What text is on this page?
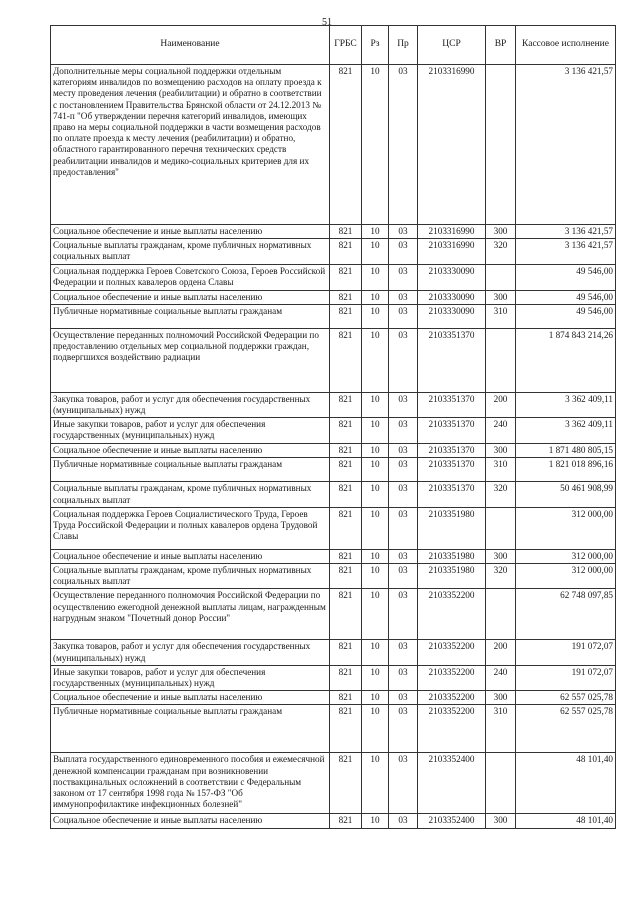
51
Наименование	ГРБС	Рз	Пр	ЦСР	ВР	Кассовое исполнение
Дополнительные меры социальной поддержки отдельным категориям инвалидов по возмещению расходов на оплату проезда к месту проведения лечения (реабилитации) и обратно в соответствии с постановлением Правительства Брянской области от 24.12.2013 № 741-п "Об утверждении перечня категорий инвалидов, имеющих право на меры социальной поддержки в части возмещения расходов по оплате проезда к месту лечения (реабилитации) и обратно, областного гарантированного перечня технических средств реабилитации инвалидов и медико-социальных критериев для их предоставления"	821	10	03	2103316990		3 136 421,57
Социальное обеспечение и иные выплаты населению	821	10	03	2103316990	300	3 136 421,57
Социальные выплаты гражданам, кроме публичных нормативных социальных выплат	821	10	03	2103316990	320	3 136 421,57
Социальная поддержка Героев Советского Союза, Героев Российской Федерации и полных кавалеров ордена Славы	821	10	03	2103330090		49 546,00
Социальное обеспечение и иные выплаты населению	821	10	03	2103330090	300	49 546,00
Публичные нормативные социальные выплаты гражданам	821	10	03	2103330090	310	49 546,00
Осуществление переданных полномочий Российской Федерации по предоставлению отдельных мер социальной поддержки граждан, подвергшихся воздействию радиации	821	10	03	2103351370		1 874 843 214,26
Закупка товаров, работ и услуг для обеспечения государственных (муниципальных) нужд	821	10	03	2103351370	200	3 362 409,11
Иные закупки товаров, работ и услуг для обеспечения государственных (муниципальных) нужд	821	10	03	2103351370	240	3 362 409,11
Социальное обеспечение и иные выплаты населению	821	10	03	2103351370	300	1 871 480 805,15
Публичные нормативные социальные выплаты гражданам	821	10	03	2103351370	310	1 821 018 896,16
Социальные выплаты гражданам, кроме публичных нормативных социальных выплат	821	10	03	2103351370	320	50 461 908,99
Социальная поддержка Героев Социалистического Труда, Героев Труда Российской Федерации и полных кавалеров ордена Трудовой Славы	821	10	03	2103351980		312 000,00
Социальное обеспечение и иные выплаты населению	821	10	03	2103351980	300	312 000,00
Социальные выплаты гражданам, кроме публичных нормативных социальных выплат	821	10	03	2103351980	320	312 000,00
Осуществление переданного полномочия Российской Федерации по осуществлению ежегодной денежной выплаты лицам, награжденным нагрудным знаком "Почетный донор России"	821	10	03	2103352200		62 748 097,85
Закупка товаров, работ и услуг для обеспечения государственных (муниципальных) нужд	821	10	03	2103352200	200	191 072,07
Иные закупки товаров, работ и услуг для обеспечения государственных (муниципальных) нужд	821	10	03	2103352200	240	191 072,07
Социальное обеспечение и иные выплаты населению	821	10	03	2103352200	300	62 557 025,78
Публичные нормативные социальные выплаты гражданам	821	10	03	2103352200	310	62 557 025,78
Выплата государственного единовременного пособия и ежемесячной денежной компенсации гражданам при возникновении поствакцинальных осложнений в соответствии с Федеральным законом от 17 сентября 1998 года № 157-ФЗ "Об иммунопрофилактике инфекционных болезней"	821	10	03	2103352400		48 101,40
Социальное обеспечение и иные выплаты населению	821	10	03	2103352400	300	48 101,40
